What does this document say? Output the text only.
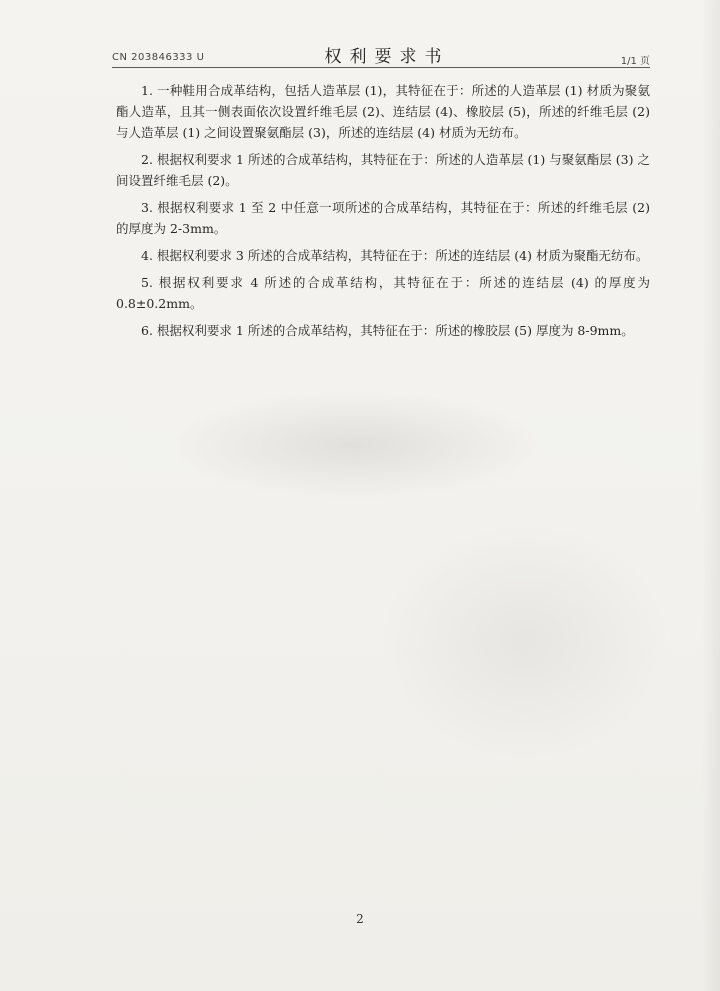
CN 203846333 U	权利要求书	1/1 页

1. 一种鞋用合成革结构，包括人造革层 (1)，其特征在于：所述的人造革层 (1) 材质为聚氨酯人造革，且其一侧表面依次设置纤维毛层 (2)、连结层 (4)、橡胶层 (5)，所述的纤维毛层 (2) 与人造革层 (1) 之间设置聚氨酯层 (3)，所述的连结层 (4) 材质为无纺布。

2. 根据权利要求 1 所述的合成革结构，其特征在于：所述的人造革层 (1) 与聚氨酯层 (3) 之间设置纤维毛层 (2)。

3. 根据权利要求 1 至 2 中任意一项所述的合成革结构，其特征在于：所述的纤维毛层 (2) 的厚度为 2-3mm。

4. 根据权利要求 3 所述的合成革结构，其特征在于：所述的连结层 (4) 材质为聚酯无纺布。

5. 根据权利要求 4 所述的合成革结构，其特征在于：所述的连结层 (4) 的厚度为 0.8±0.2mm。

6. 根据权利要求 1 所述的合成革结构，其特征在于：所述的橡胶层 (5) 厚度为 8-9mm。

2
